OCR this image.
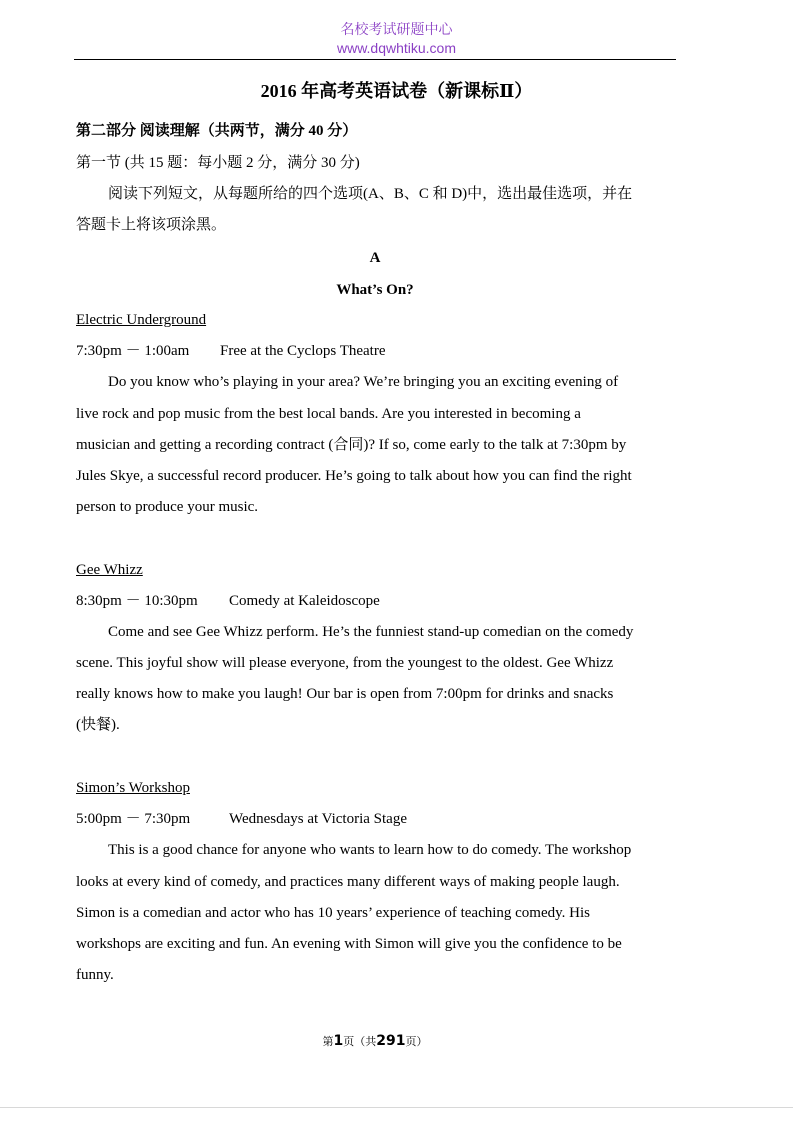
名校考试研题中心
www.dqwhtiku.com
2016 年高考英语试卷（新课标Ⅱ）
第二部分 阅读理解（共两节，满分 40 分）
第一节 (共 15 题：每小题 2 分，满分 30 分)
阅读下列短文，从每题所给的四个选项(A、B、C 和 D)中，选出最佳选项，并在
答题卡上将该项涂黑。
A
What’s On?
Electric Underground
7:30pm － 1:00am Free at the Cyclops Theatre
Do you know who’s playing in your area? We’re bringing you an exciting evening of
live rock and pop music from the best local bands. Are you interested in becoming a
musician and getting a recording contract (合同)? If so, come early to the talk at 7:30pm by
Jules Skye, a successful record producer. He’s going to talk about how you can find the right
person to produce your music.
Gee Whizz
8:30pm － 10:30pm Comedy at Kaleidoscope
Come and see Gee Whizz perform. He’s the funniest stand-up comedian on the comedy
scene. This joyful show will please everyone, from the youngest to the oldest. Gee Whizz
really knows how to make you laugh! Our bar is open from 7:00pm for drinks and snacks
(快餐).
Simon’s Workshop
5:00pm － 7:30pm	Wednesdays at Victoria Stage
This is a good chance for anyone who wants to learn how to do comedy. The workshop
looks at every kind of comedy, and practices many different ways of making people laugh.
Simon is a comedian and actor who has 10 years’ experience of teaching comedy. His
workshops are exciting and fun. An evening with Simon will give you the confidence to be
funny.
第1页（共291页）
